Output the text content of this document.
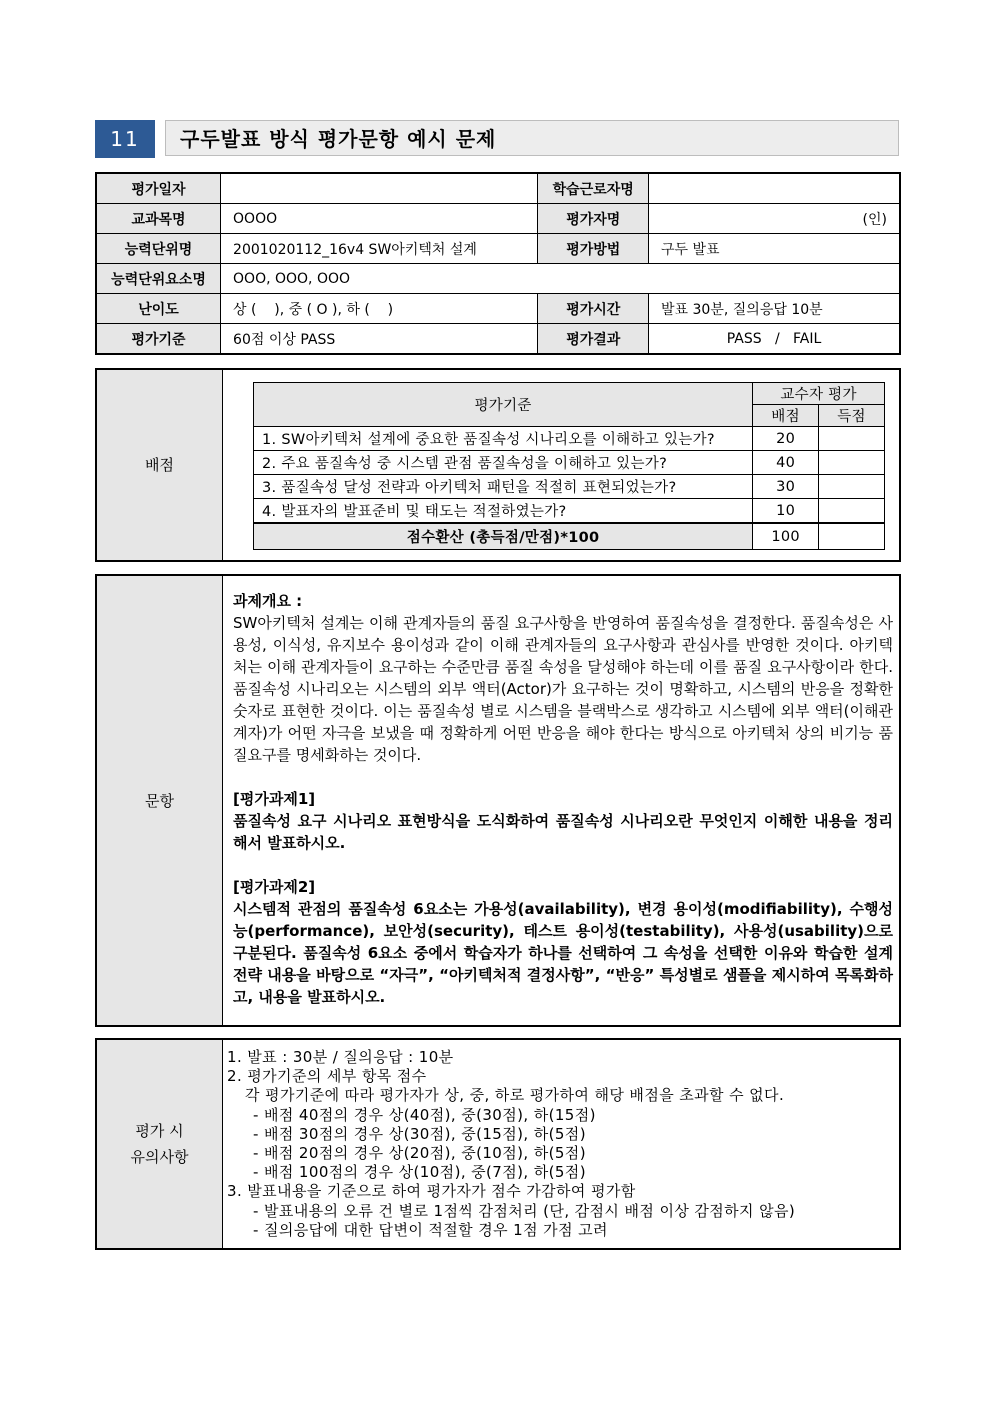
11	구두발표 방식 평가문항 예시 문제
평가일자		학습근로자명	
교과목명	OOOO	평가자명	(인)
능력단위명	2001020112_16v4 SW아키텍처 설계	평가방법	구두 발표
능력단위요소명	OOO, OOO, OOO		
난이도	상 (    ), 중 ( O ), 하 (    )	평가시간	발표 30분, 질의응답 10분
평가기준	60점 이상 PASS	평가결과	PASS   /   FAIL
배점
평가기준	교수자 평가	
	배점	득점
1. SW아키텍처 설계에 중요한 품질속성 시나리오를 이해하고 있는가?	20	
2. 주요 품질속성 중 시스템 관점 품질속성을 이해하고 있는가?	40	
3. 품질속성 달성 전략과 아키텍처 패턴을 적절히 표현되었는가?	30	
4. 발표자의 발표준비 및 태도는 적절하였는가?	10	
점수환산 (총득점/만점)*100	100	
문항

과제개요 :

SW아키텍처 설계는 이해 관계자들의 품질 요구사항을 반영하여 품질속성을 결정한다. 품질속성은 사용성, 이식성, 유지보수 용이성과 같이 이해 관계자들의 요구사항과 관심사를 반영한 것이다. 아키텍처는 이해 관계자들이 요구하는 수준만큼 품질 속성을 달성해야 하는데 이를 품질 요구사항이라 한다. 품질속성 시나리오는 시스템의 외부 액터(Actor)가 요구하는 것이 명확하고, 시스템의 반응을 정확한 숫자로 표현한 것이다. 이는 품질속성 별로 시스템을 블랙박스로 생각하고 시스템에 외부 액터(이해관계자)가 어떤 자극을 보냈을 때 정확하게 어떤 반응을 해야 한다는 방식으로 아키텍처 상의 비기능 품질요구를 명세화하는 것이다.

[평가과제1]

품질속성 요구 시나리오 표현방식을 도식화하여 품질속성 시나리오란 무엇인지 이해한 내용을 정리해서 발표하시오.

[평가과제2]

시스템적 관점의 품질속성 6요소는 가용성(availability), 변경 용이성(modifiability), 수행성능(performance), 보안성(security), 테스트 용이성(testability), 사용성(usability)으로 구분된다. 품질속성 6요소 중에서 학습자가 하나를 선택하여 그 속성을 선택한 이유와 학습한 설계 전략 내용을 바탕으로 “자극”, “아키텍처적 결정사항”, “반응” 특성별로 샘플을 제시하여 목록화하고, 내용을 발표하시오.

평가 시
유의사항
1. 발표 : 30분 / 질의응답 : 10분
2. 평가기준의 세부 항목 점수
각 평가기준에 따라 평가자가 상, 중, 하로 평가하여 해당 배점을 초과할 수 없다.
- 배점 40점의 경우 상(40점), 중(30점), 하(15점)
- 배점 30점의 경우 상(30점), 중(15점), 하(5점)
- 배점 20점의 경우 상(20점), 중(10점), 하(5점)
- 배점 100점의 경우 상(10점), 중(7점), 하(5점)
3. 발표내용을 기준으로 하여 평가자가 점수 가감하여 평가함
- 발표내용의 오류 건 별로 1점씩 감점처리 (단, 감점시 배점 이상 감점하지 않음)
- 질의응답에 대한 답변이 적절할 경우 1점 가점 고려
